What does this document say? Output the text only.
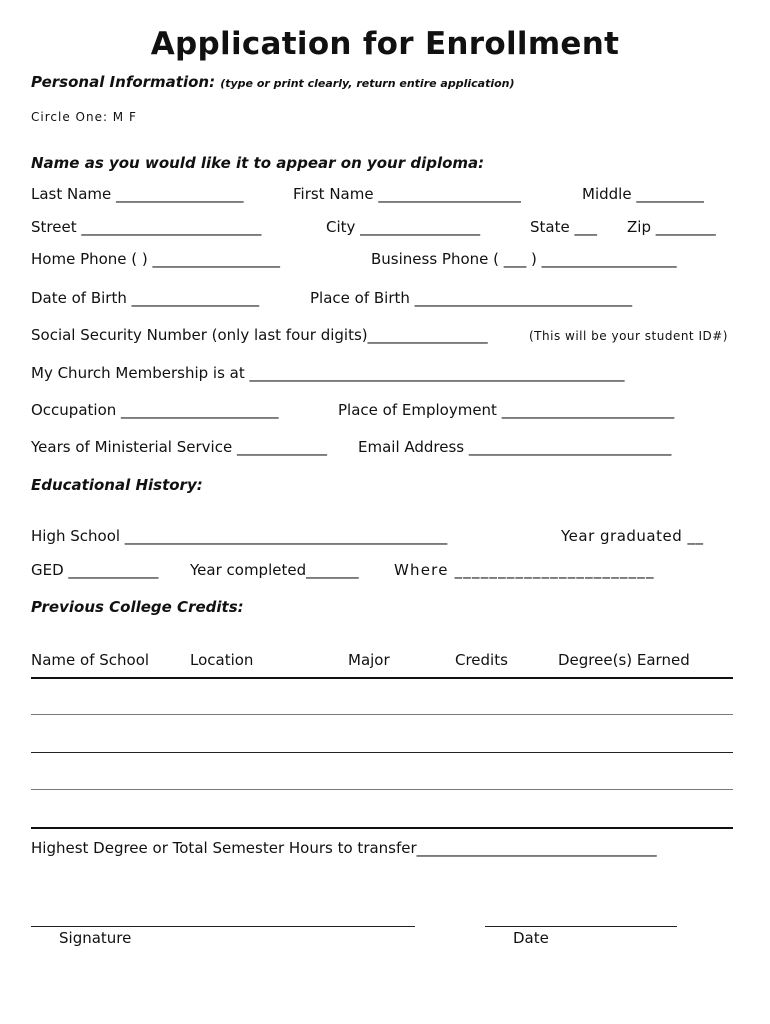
Application for Enrollment
Personal Information: (type or print clearly, return entire application)
Circle One: M F
Name as you would like it to appear on your diploma:
Last Name _________________	First Name ___________________	Middle _________
Street ________________________	City ________________	State ___ Zip ________
Home Phone ( ) _________________	Business Phone ( ___ ) __________________
Date of Birth _________________	Place of Birth _____________________________
Social Security Number (only last four digits)________________	(This will be your student ID#)
My Church Membership is at __________________________________________________
Occupation _____________________	Place of Employment _______________________
Years of Ministerial Service ____________ Email Address ___________________________
Educational History:
High School ___________________________________________	Year graduated __
GED ____________ Year completed_______ Where _______________________
Previous College Credits:
Name of School	Location	Major	Credits	Degree(s) Earned
Highest Degree or Total Semester Hours to transfer________________________________
Signature	Date
